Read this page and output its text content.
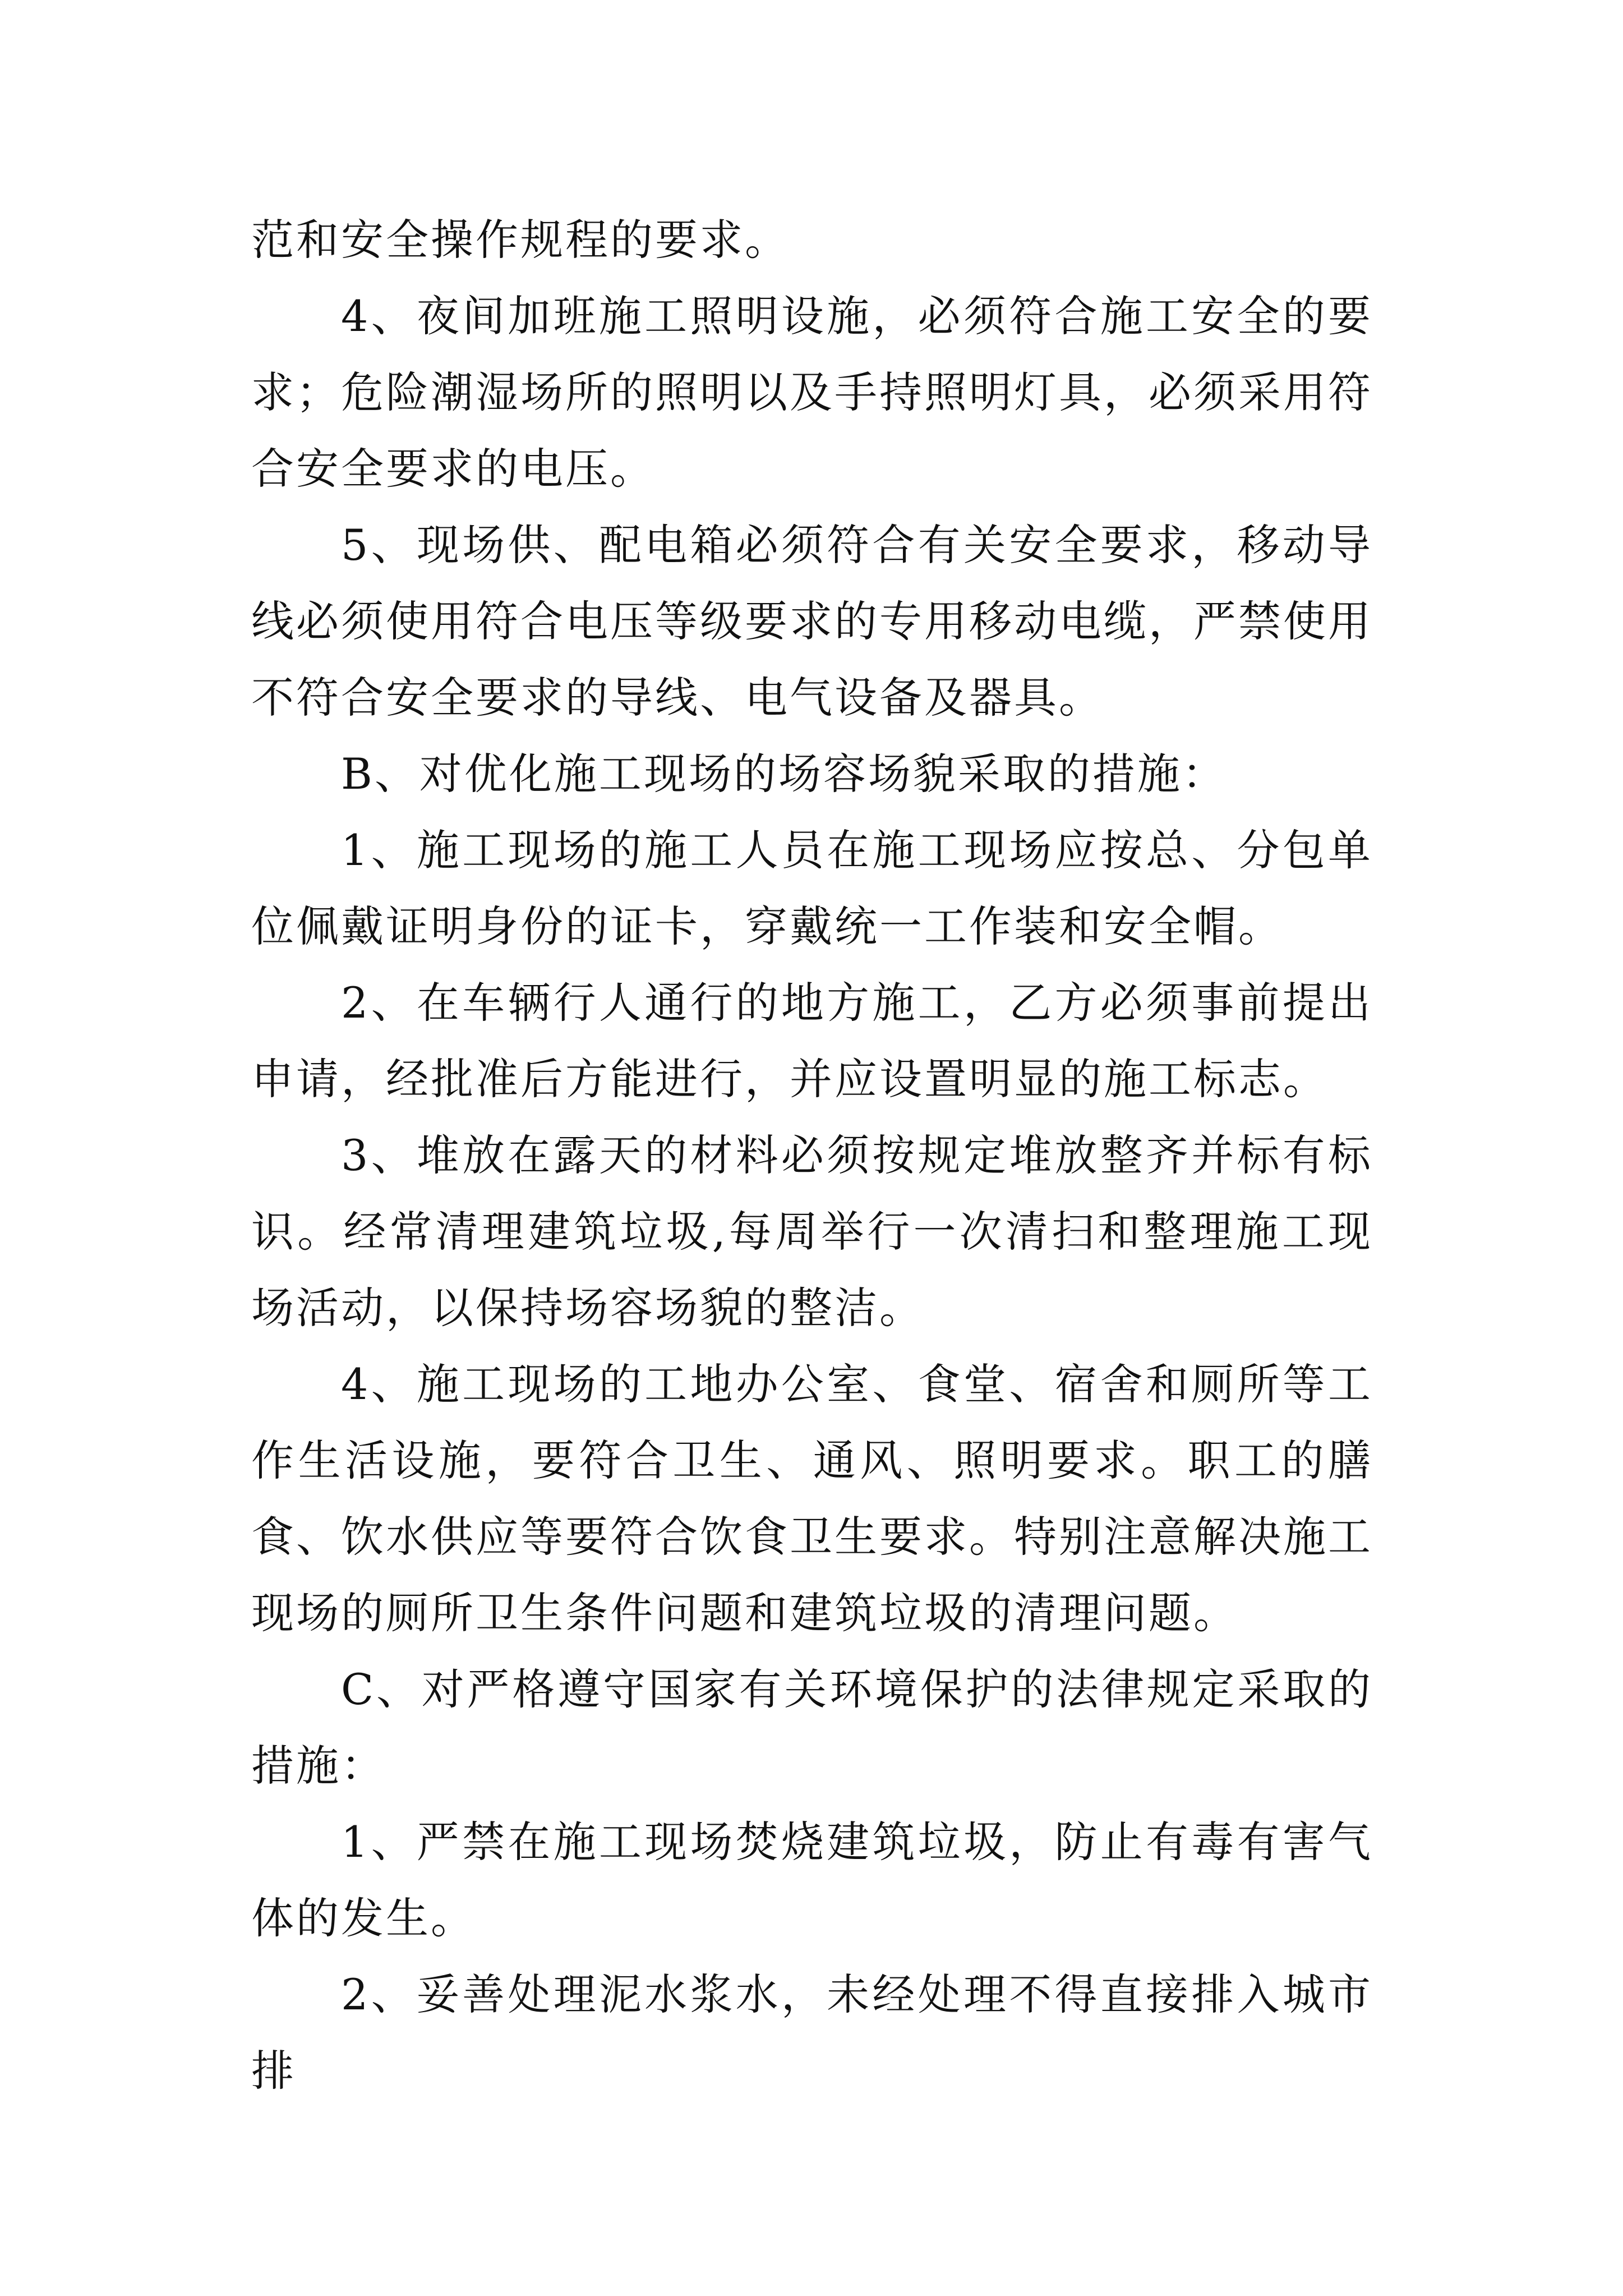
范和安全操作规程的要求。

4、夜间加班施工照明设施，必须符合施工安全的要求；危险潮湿场所的照明以及手持照明灯具，必须采用符合安全要求的电压。

5、现场供、配电箱必须符合有关安全要求，移动导线必须使用符合电压等级要求的专用移动电缆，严禁使用不符合安全要求的导线、电气设备及器具。

B、对优化施工现场的场容场貌采取的措施：

1、施工现场的施工人员在施工现场应按总、分包单位佩戴证明身份的证卡，穿戴统一工作装和安全帽。

2、在车辆行人通行的地方施工，乙方必须事前提出申请，经批准后方能进行，并应设置明显的施工标志。

3、堆放在露天的材料必须按规定堆放整齐并标有标识。经常清理建筑垃圾,每周举行一次清扫和整理施工现场活动，以保持场容场貌的整洁。

4、施工现场的工地办公室、食堂、宿舍和厕所等工作生活设施，要符合卫生、通风、照明要求。职工的膳食、饮水供应等要符合饮食卫生要求。特别注意解决施工现场的厕所卫生条件问题和建筑垃圾的清理问题。

C、对严格遵守国家有关环境保护的法律规定采取的措施：

1、严禁在施工现场焚烧建筑垃圾，防止有毒有害气体的发生。

2、妥善处理泥水浆水，未经处理不得直接排入城市排
